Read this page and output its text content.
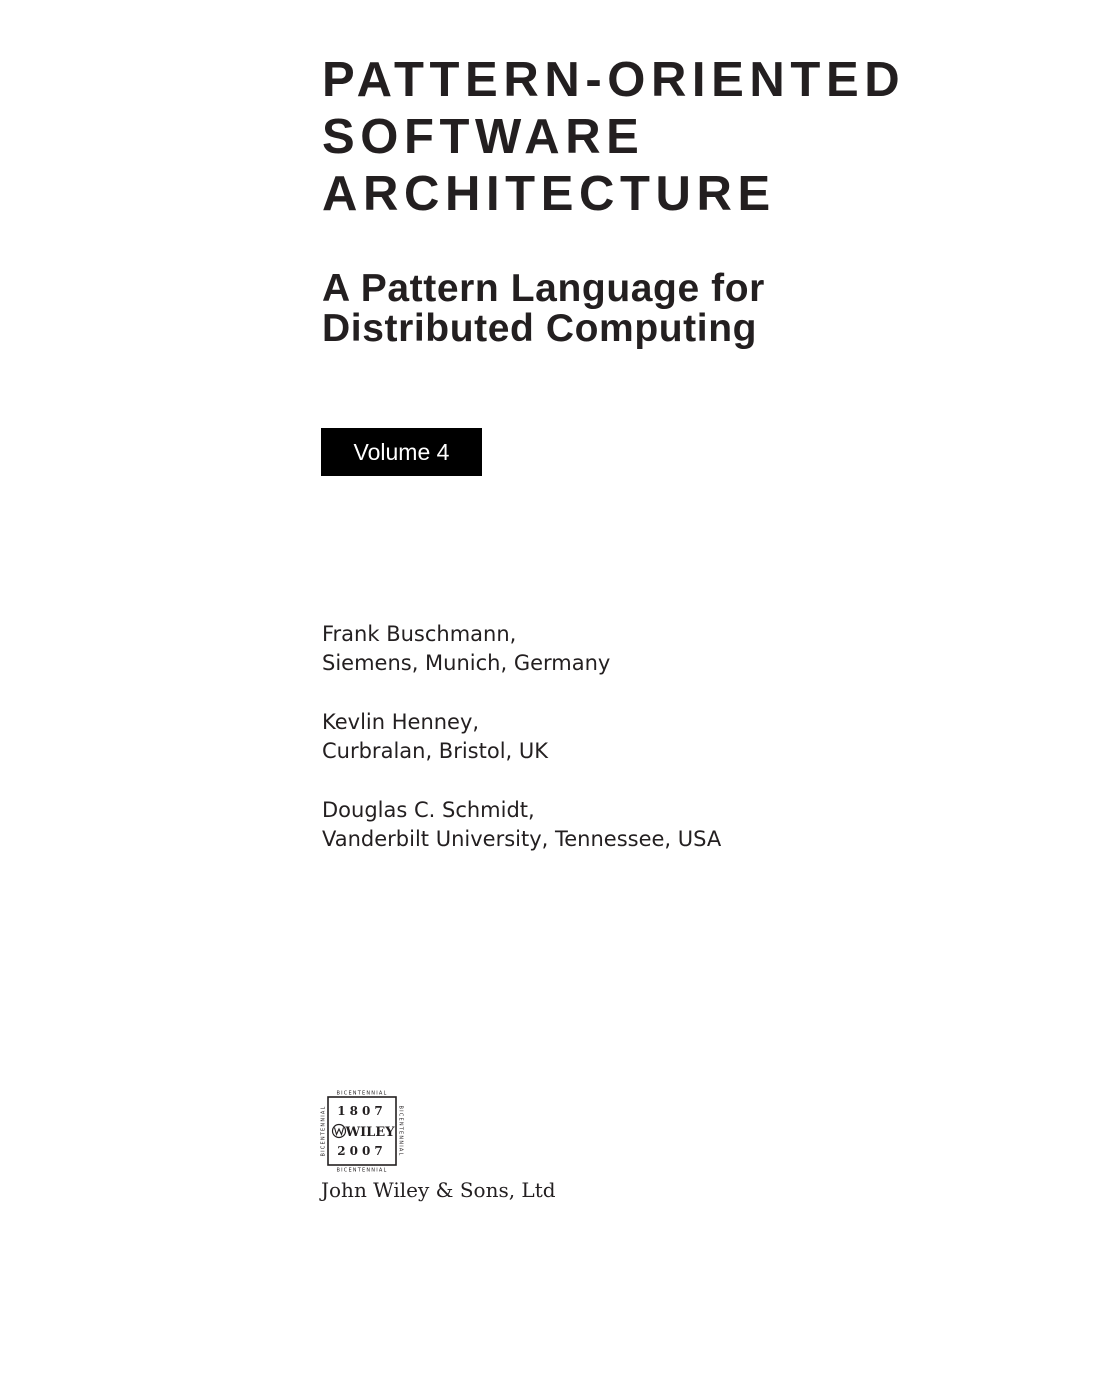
PATTERN-ORIENTED
SOFTWARE
ARCHITECTURE
A Pattern Language for
Distributed Computing
Volume 4
Frank Buschmann,
Siemens, Munich, Germany
Kevlin Henney,
Curbralan, Bristol, UK
Douglas C. Schmidt,
Vanderbilt University, Tennessee, USA
BICENTENNIAL
BICENTENNIAL
BICENTENNIAL	BICENTENNIAL
1807
WILEY
2007
John Wiley & Sons, Ltd
